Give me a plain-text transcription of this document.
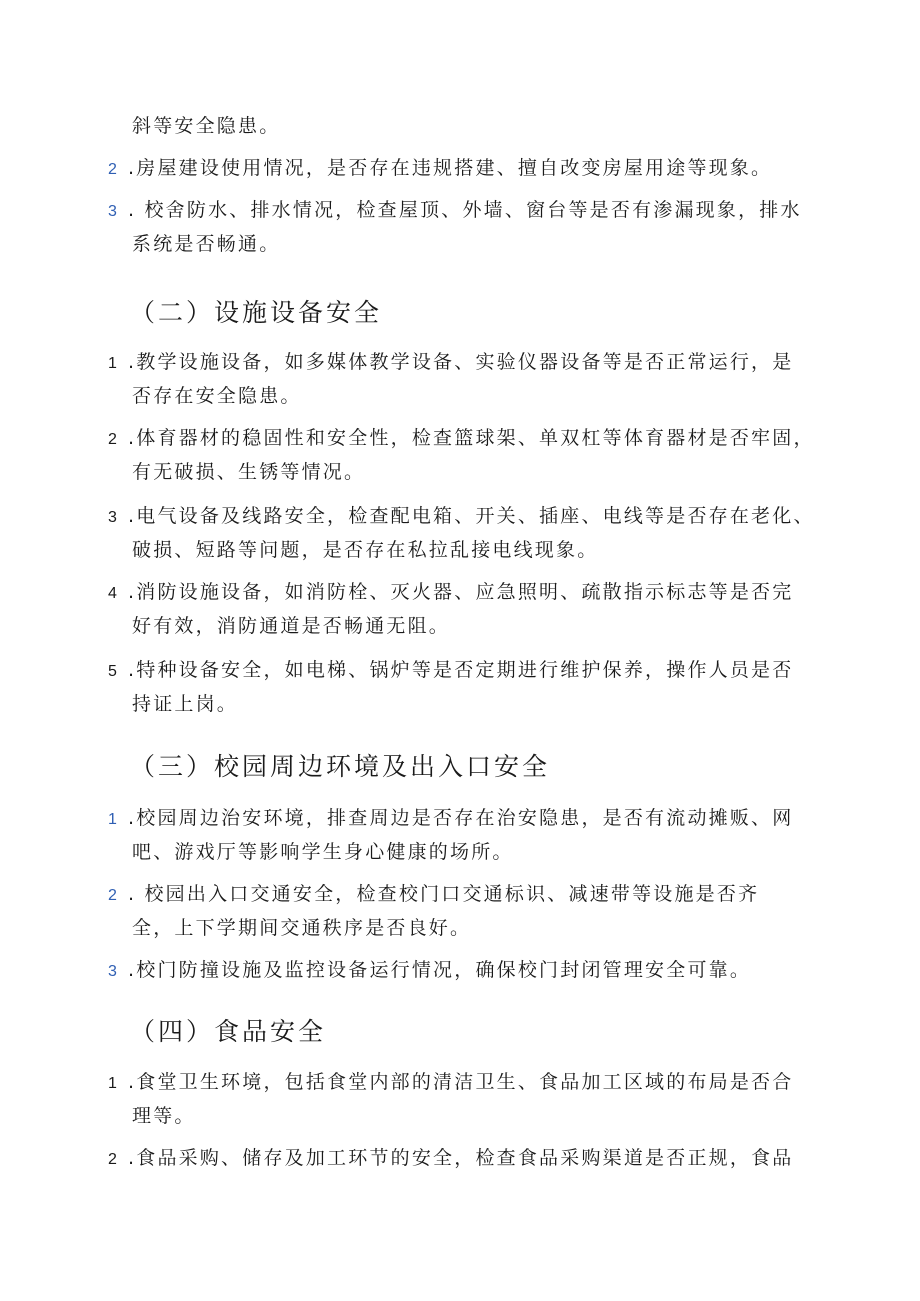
斜等安全隐患。
2 .房屋建设使用情况，是否存在违规搭建、擅自改变房屋用途等现象。
3 . 校舍防水、排水情况，检查屋顶、外墙、窗台等是否有渗漏现象，排水
系统是否畅通。
（二）设施设备安全
1 .教学设施设备，如多媒体教学设备、实验仪器设备等是否正常运行，是
否存在安全隐患。
2 .体育器材的稳固性和安全性，检查篮球架、单双杠等体育器材是否牢固，
有无破损、生锈等情况。
3 .电气设备及线路安全，检查配电箱、开关、插座、电线等是否存在老化、
破损、短路等问题，是否存在私拉乱接电线现象。
4 .消防设施设备，如消防栓、灭火器、应急照明、疏散指示标志等是否完
好有效，消防通道是否畅通无阻。
5 .特种设备安全，如电梯、锅炉等是否定期进行维护保养，操作人员是否
持证上岗。
（三）校园周边环境及出入口安全
1 .校园周边治安环境，排查周边是否存在治安隐患，是否有流动摊贩、网
吧、游戏厅等影响学生身心健康的场所。
2 . 校园出入口交通安全，检查校门口交通标识、减速带等设施是否齐
全，上下学期间交通秩序是否良好。
3 .校门防撞设施及监控设备运行情况，确保校门封闭管理安全可靠。
（四）食品安全
1 .食堂卫生环境，包括食堂内部的清洁卫生、食品加工区域的布局是否合
理等。
2 .食品采购、储存及加工环节的安全，检查食品采购渠道是否正规，食品
